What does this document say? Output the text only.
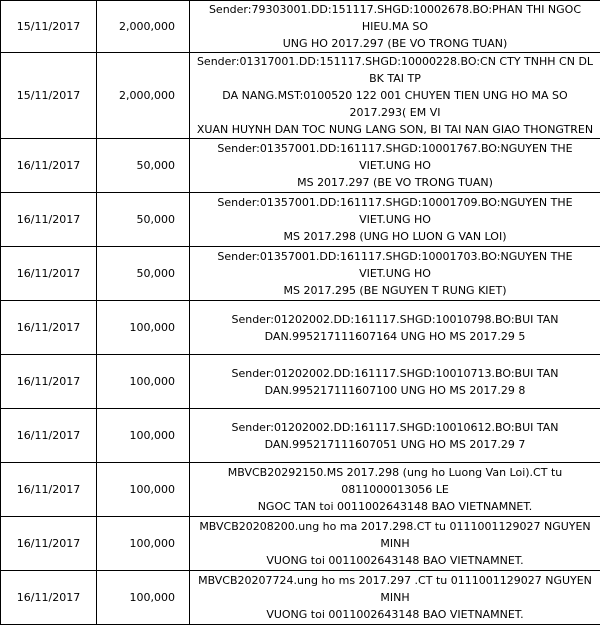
15/11/2017	2,000,000	Sender:79303001.DD:151117.SHGD:10002678.BO:PHAN THI NGOC HIEU.MA SO
UNG HO 2017.297 (BE VO TRONG TUAN)
15/11/2017	2,000,000	Sender:01317001.DD:151117.SHGD:10000228.BO:CN CTY TNHH CN DL BK TAI TP
DA NANG.MST:0100520 122 001 CHUYEN TIEN UNG HO MA SO 2017.293( EM VI
XUAN HUYNH DAN TOC NUNG LANG SON, BI TAI NAN GIAO THONGTREN
16/11/2017	50,000	Sender:01357001.DD:161117.SHGD:10001767.BO:NGUYEN THE VIET.UNG HO
MS 2017.297 (BE VO TRONG TUAN)
16/11/2017	50,000	Sender:01357001.DD:161117.SHGD:10001709.BO:NGUYEN THE VIET.UNG HO
MS 2017.298 (UNG HO LUON G VAN LOI)
16/11/2017	50,000	Sender:01357001.DD:161117.SHGD:10001703.BO:NGUYEN THE VIET.UNG HO
MS 2017.295 (BE NGUYEN T RUNG KIET)
16/11/2017	100,000	Sender:01202002.DD:161117.SHGD:10010798.BO:BUI TAN
DAN.995217111607164 UNG HO MS 2017.29 5
16/11/2017	100,000	Sender:01202002.DD:161117.SHGD:10010713.BO:BUI TAN
DAN.995217111607100 UNG HO MS 2017.29 8
16/11/2017	100,000	Sender:01202002.DD:161117.SHGD:10010612.BO:BUI TAN
DAN.995217111607051 UNG HO MS 2017.29 7
16/11/2017	100,000	MBVCB20292150.MS 2017.298 (ung ho Luong Van Loi).CT tu 0811000013056 LE
NGOC TAN toi 0011002643148 BAO VIETNAMNET.
16/11/2017	100,000	MBVCB20208200.ung ho ma 2017.298.CT tu 0111001129027 NGUYEN MINH
VUONG toi 0011002643148 BAO VIETNAMNET.
16/11/2017	100,000	MBVCB20207724.ung ho ms 2017.297 .CT tu 0111001129027 NGUYEN MINH
VUONG toi 0011002643148 BAO VIETNAMNET.
